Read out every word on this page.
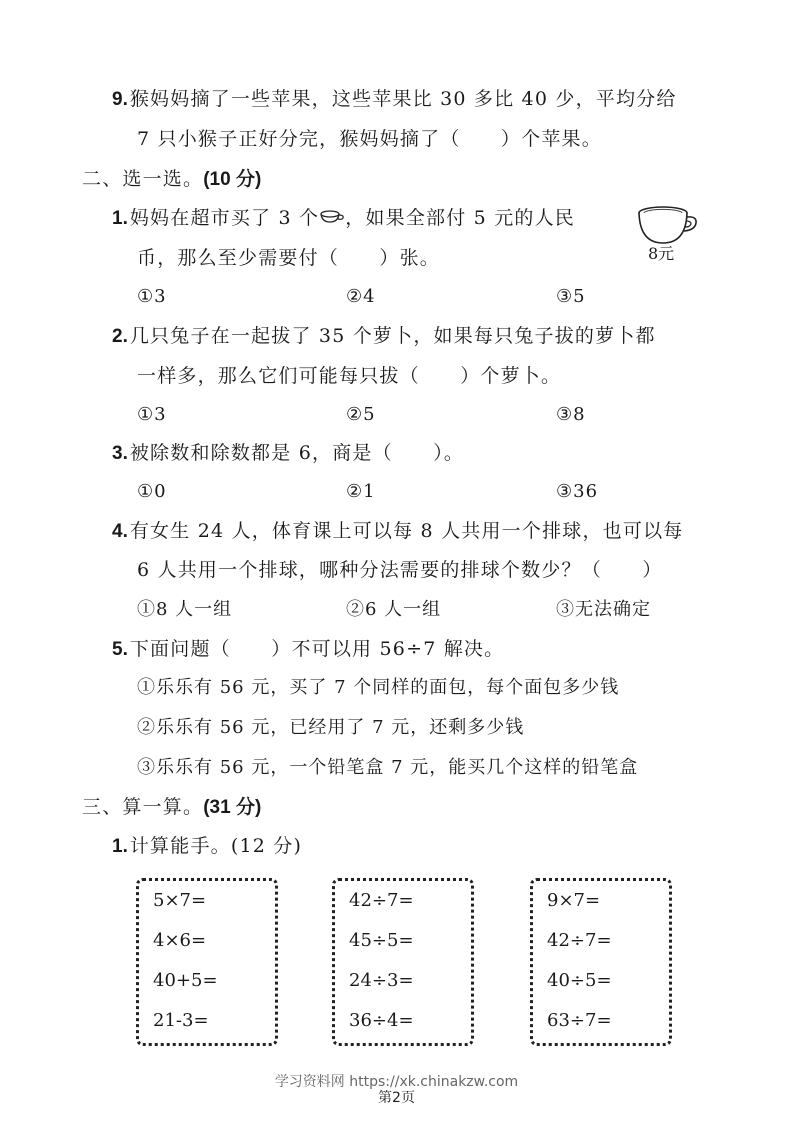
9. 猴妈妈摘了一些苹果，这些苹果比 30 多比 40 少，平均分给
7 只小猴子正好分完，猴妈妈摘了（　　）个苹果。
二、选一选。(10 分)
1. 妈妈在超市买了 3 个 ，如果全部付 5 元的人民
币，那么至少需要付（　　）张。	8元
①3	②4	③5
2. 几只兔子在一起拔了 35 个萝卜，如果每只兔子拔的萝卜都
一样多，那么它们可能每只拔（　　）个萝卜。
①3	②5	③8
3. 被除数和除数都是 6，商是（　　）。
①0	②1	③36
4. 有女生 24 人，体育课上可以每 8 人共用一个排球，也可以每
6 人共用一个排球，哪种分法需要的排球个数少？（　　）
①8 人一组	②6 人一组	③无法确定
5. 下面问题（　　）不可以用 56÷7 解决。
①乐乐有 56 元，买了 7 个同样的面包，每个面包多少钱
②乐乐有 56 元，已经用了 7 元，还剩多少钱
③乐乐有 56 元，一个铅笔盒 7 元，能买几个这样的铅笔盒
三、算一算。(31 分)
1. 计算能手。(12 分)
5×7=
4×6=
40+5=
21-3=
42÷7=
45÷5=
24÷3=
36÷4=
9×7=
42÷7=
40÷5=
63÷7=
学习资料网 https://xk.chinakzw.com
第2页
